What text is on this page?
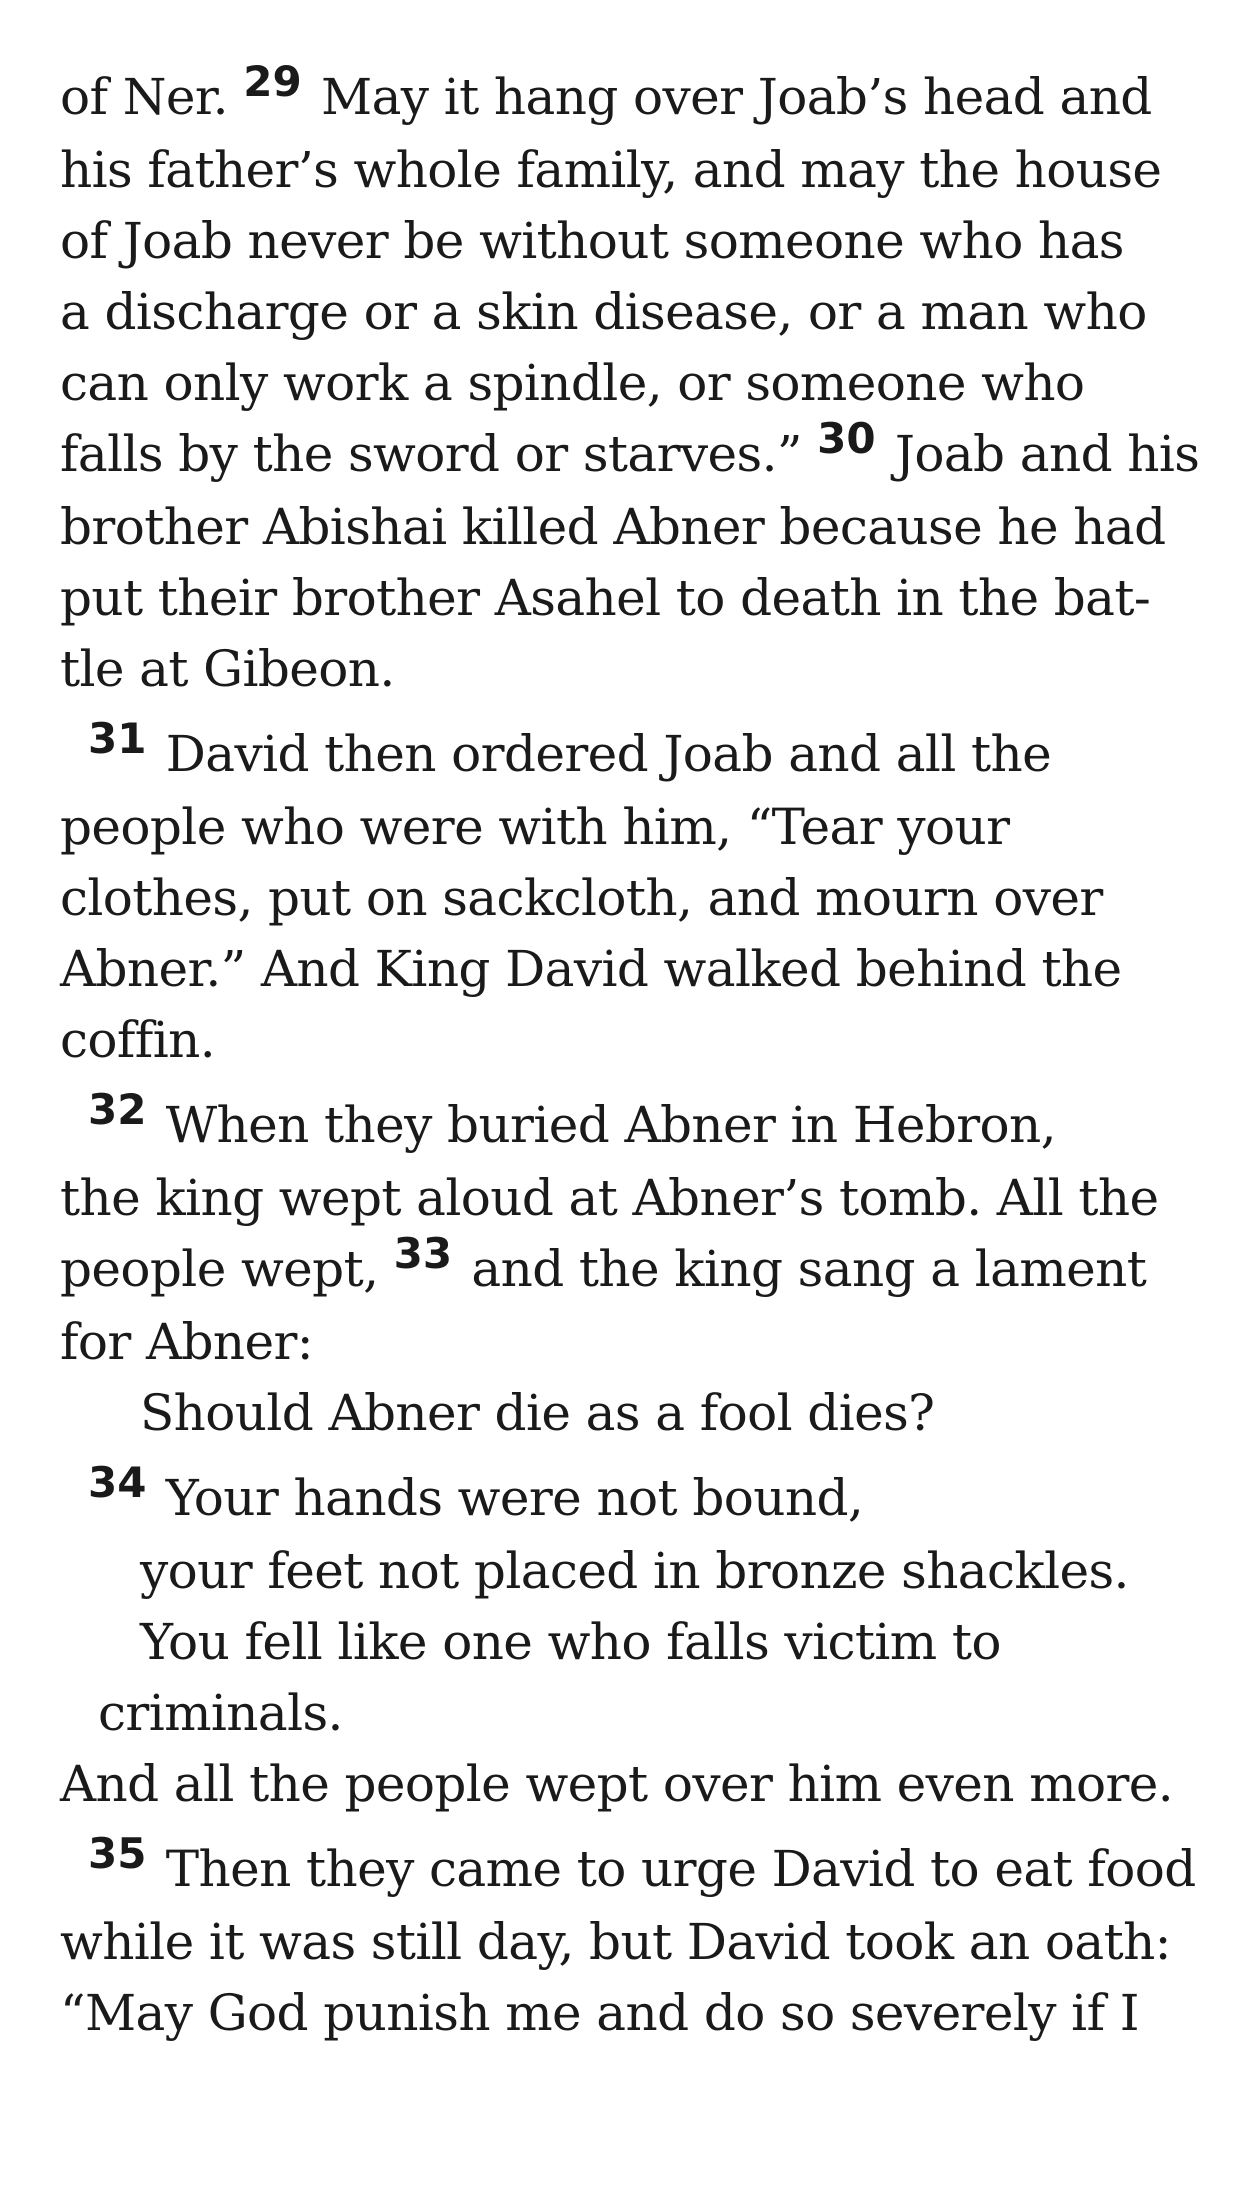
of Ner. $^{29}$ May it hang over Joab’s head and
his father’s whole family, and may the house
of Joab never be without someone who has
a discharge or a skin disease, or a man who
can only work a spindle, or someone who
falls by the sword or starves.” $^{30}$ Joab and his
brother Abishai killed Abner because he had
put their brother Asahel to death in the bat-
tle at Gibeon.
$^{31}$ David then ordered Joab and all the
people who were with him, “Tear your
clothes, put on sackcloth, and mourn over
Abner.” And King David walked behind the
coffin.
$^{32}$ When they buried Abner in Hebron,
the king wept aloud at Abner’s tomb. All the
people wept, $^{33}$ and the king sang a lament
for Abner:
Should Abner die as a fool dies?
$^{34}$ Your hands were not bound,
your feet not placed in bronze shackles.
You fell like one who falls victim to
criminals.
And all the people wept over him even more.
$^{35}$ Then they came to urge David to eat food
while it was still day, but David took an oath:
“May God punish me and do so severely if I
